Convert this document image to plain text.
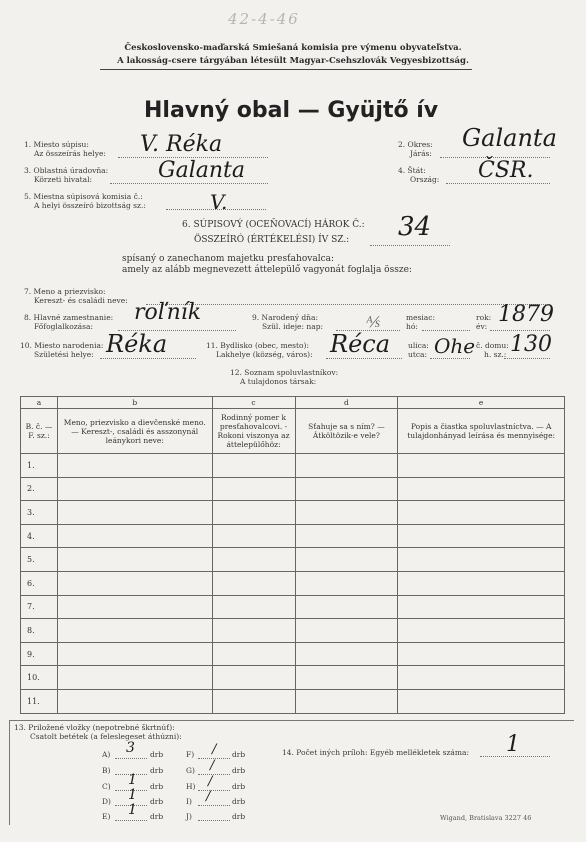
42-4-46
Československo-maďarská Smiešaná komisia pre výmenu obyvateľstva.
A lakosság-csere tárgyában létesült Magyar-Csehszlovák Vegyesbizottság.
Hlavný obal — Gyüjtő ív
1. Miesto súpisu:
Az összeírás helye: V. Réka	2. Okres:
Járás:
Galanta
3. Oblastná úradovňa:
Körzeti hivatal:	Galanta	4. Štát:
Ország: ČSR.
5. Miestna súpisová komisia č.:
A helyi összeíró bizottság sz.:	V.
6. SÚPISOVÝ (OCEŇOVACÍ) HÁROK Č.:
ÖSSZEÍRÓ (ÉRTÉKELÉSI) ÍV SZ.: 34
spísaný o zanechanom majetku presťahovalca:
amely az alább megnevezett áttelepülő vagyonát foglalja össze:
7. Meno a priezvisko:
Kereszt- és családi neve:
8. Hlavné zamestnanie:
Főfoglalkozása:
roľník	9. Narodený dňa:
Szül. ideje: nap:	⅍	mesiac:
hó:
rok:
év: 1879
10. Miesto narodenia:
Születési helye: Réka	11. Bydlisko (obec, mesto):
Lakhelye (község, város): Réca ulica:
utca: Ohe č. domu:
h. sz.: 130
12. Soznam spoluvlastníkov:
A tulajdonos társak:
a	b	c	d	e
B. č. — F. sz.:	Meno, priezvisko a dievčenské meno. — Kereszt-, családi és asszonynál leánykori neve:	Rodinný pomer k presťahovalcovi. - Rokoni viszonya az áttelepülőhöz:	Sťahuje sa s ním? — Átköltözik-e vele?	Popis a čiastka spoluvlastníctva. — A tulajdonhányad leírása és mennyisége:
1.				
2.				
3.				
4.				
5.				
6.				
7.				
8.				
9.				
10.				
11.				
13. Priložené vložky (nepotrebné škrtnúť):
Csatolt betétek (a feleslegeset áthúzni):
A) 3 drb
B)	drb
C) 1 drb
D) 1 drb
E) 1 drb
F) / drb
G) / drb
H) /	drb
I) /	drb
J)	drb
14. Počet iných príloh: Egyéb mellékletek száma: 1
Wigand, Bratislava 3227 46
